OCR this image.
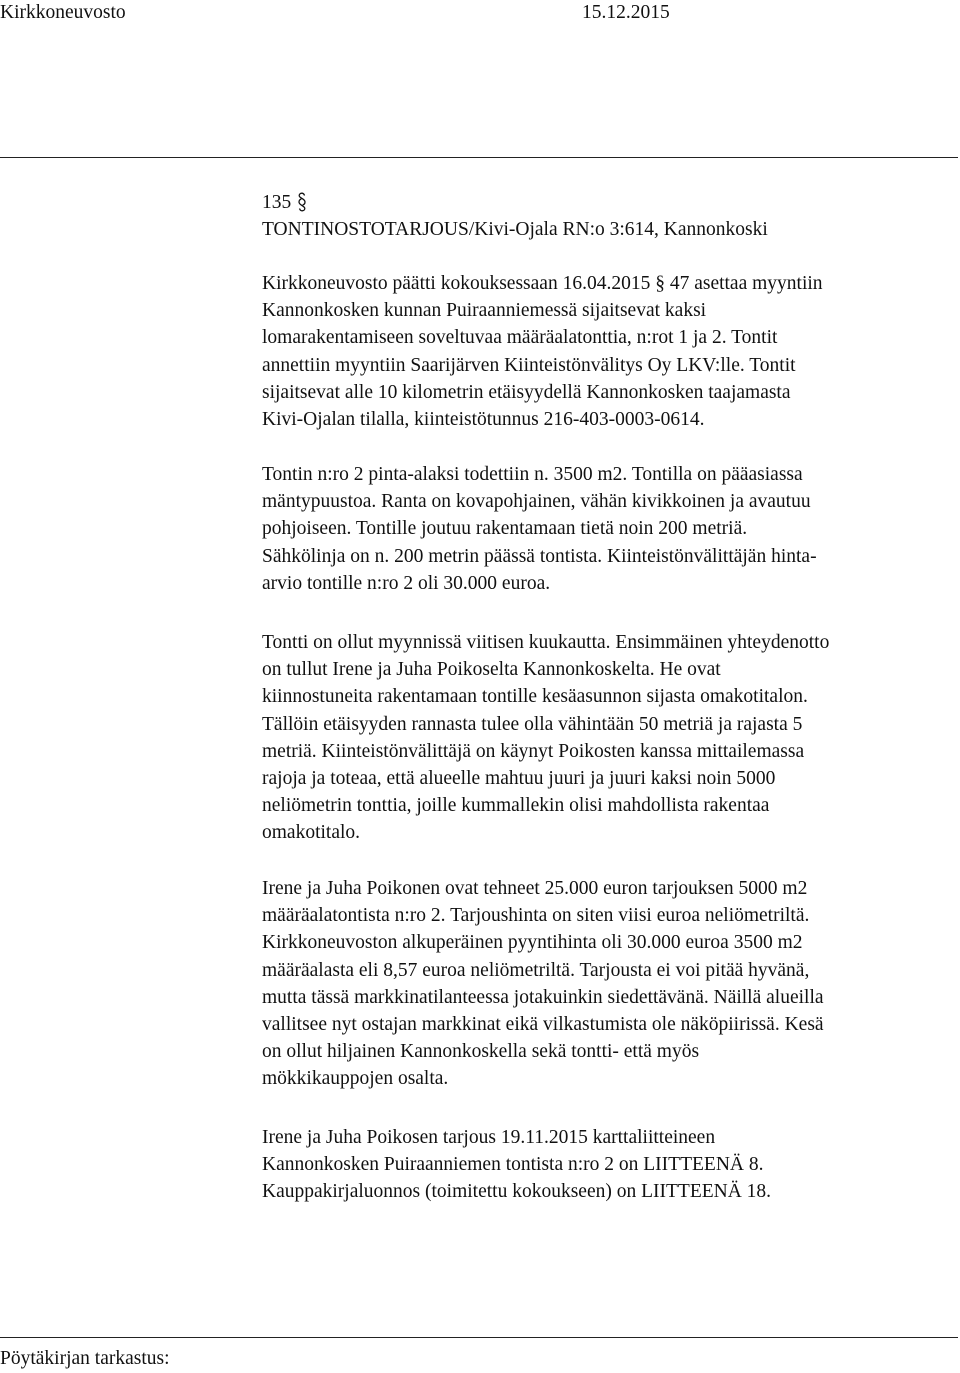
Kirkkoneuvosto	15.12.2015

135

TONTINOSTOTARJOUS/Kivi-Ojala RN:o 3:614, Kannonkoski

Kirkkoneuvosto päätti kokouksessaan 16.04.2015 § 47 asettaa myyntiin

Kannonkosken kunnan Puiraanniemessä sijaitsevat kaksi

lomarakentamiseen soveltuvaa määräalatonttia, n:rot 1 ja 2. Tontit

annettiin myyntiin Saarijärven Kiinteistönvälitys Oy LKV:lle. Tontit

sijaitsevat alle 10 kilometrin etäisyydellä Kannonkosken taajamasta

Kivi-Ojalan tilalla, kiinteistötunnus 216-403-0003-0614.

Tontin n:ro 2 pinta-alaksi todettiin n. 3500 m2. Tontilla on pääasiassa

mäntypuustoa. Ranta on kovapohjainen, vähän kivikkoinen ja avautuu

pohjoiseen. Tontille joutuu rakentamaan tietä noin 200 metriä.

Sähkölinja on n. 200 metrin päässä tontista. Kiinteistönvälittäjän hinta-

arvio tontille n:ro 2 oli 30.000 euroa.

Tontti on ollut myynnissä viitisen kuukautta. Ensimmäinen yhteydenotto

on tullut Irene ja Juha Poikoselta Kannonkoskelta. He ovat

kiinnostuneita rakentamaan tontille kesäasunnon sijasta omakotitalon.

Tällöin etäisyyden rannasta tulee olla vähintään 50 metriä ja rajasta 5

metriä. Kiinteistönvälittäjä on käynyt Poikosten kanssa mittailemassa

rajoja ja toteaa, että alueelle mahtuu juuri ja juuri kaksi noin 5000

neliömetrin tonttia, joille kummallekin olisi mahdollista rakentaa

omakotitalo.

Irene ja Juha Poikonen ovat tehneet 25.000 euron tarjouksen 5000 m2

määräalatontista n:ro 2. Tarjoushinta on siten viisi euroa neliömetriltä.

Kirkkoneuvoston alkuperäinen pyyntihinta oli 30.000 euroa 3500 m2

määräalasta eli 8,57 euroa neliömetriltä. Tarjousta ei voi pitää hyvänä,

mutta tässä markkinatilanteessa jotakuinkin siedettävänä. Näillä alueilla

vallitsee nyt ostajan markkinat eikä vilkastumista ole näköpiirissä. Kesä

on ollut hiljainen Kannonkoskella sekä tontti- että myös

mökkikauppojen osalta.

Irene ja Juha Poikosen tarjous 19.11.2015 karttaliitteineen

Kannonkosken Puiraanniemen tontista n:ro 2 on LIITTEENÄ 8.

Kauppakirjaluonnos (toimitettu kokoukseen) on LIITTEENÄ 18.

Pöytäkirjan tarkastus:
